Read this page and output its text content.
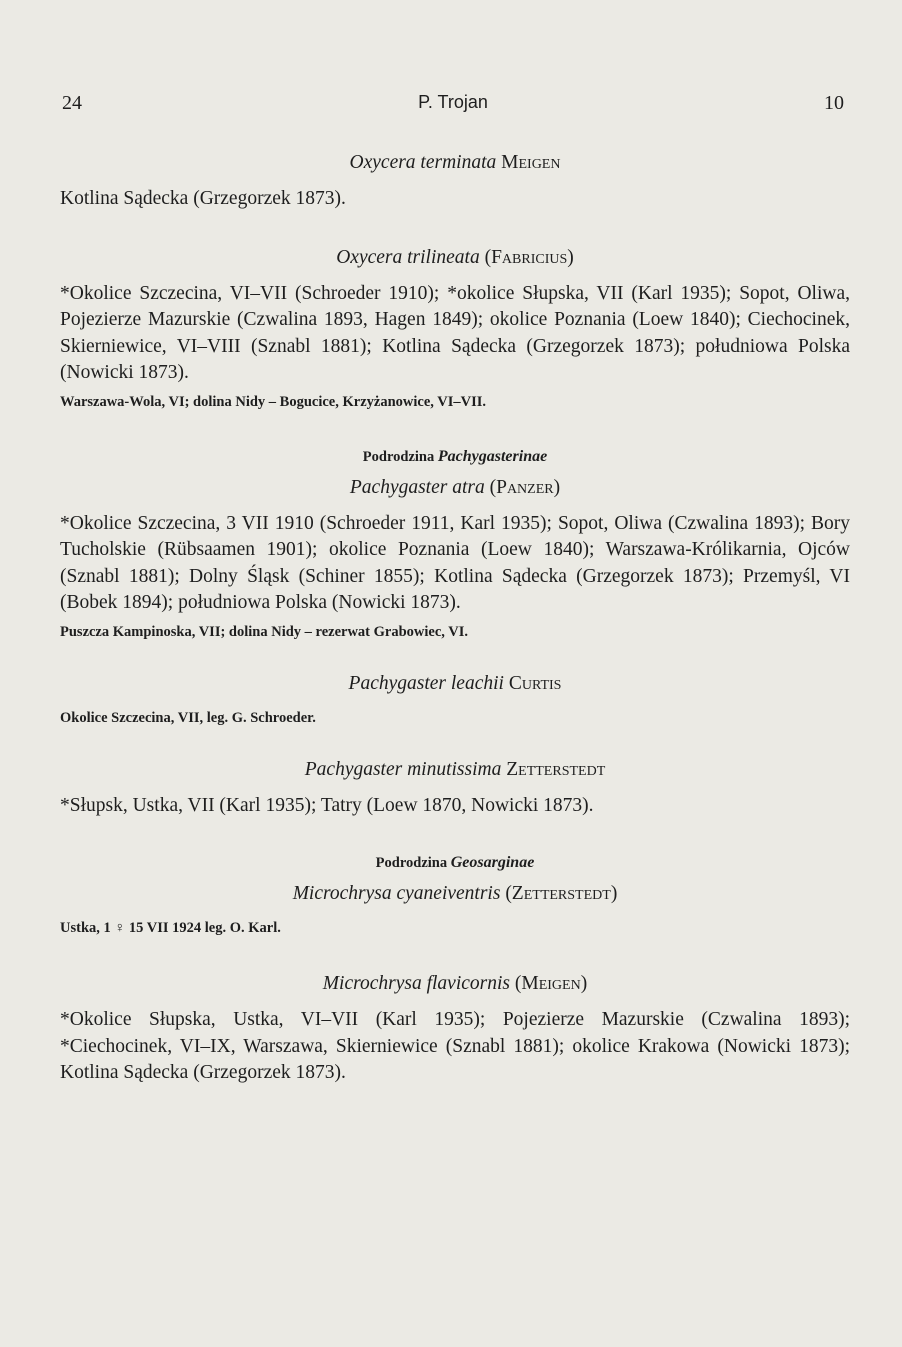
24	P. Trojan	10
Oxycera terminata Meigen

Kotlina Sądecka (Grzegorzek 1873).

Oxycera trilineata (Fabricius)

*Okolice Szczecina, VI–VII (Schroeder 1910); *okolice Słupska, VII (Karl 1935); Sopot, Oliwa, Pojezierze Mazurskie (Czwalina 1893, Hagen 1849); okolice Poznania (Loew 1840); Ciechocinek, Skierniewice, VI–VIII (Sznabl 1881); Kotlina Sądecka (Grzegorzek 1873); południowa Polska (Nowicki 1873).

Warszawa-Wola, VI; dolina Nidy – Bogucice, Krzyżanowice, VI–VII.

Podrodzina Pachygasterinae
Pachygaster atra (Panzer)

*Okolice Szczecina, 3 VII 1910 (Schroeder 1911, Karl 1935); Sopot, Oliwa (Czwalina 1893); Bory Tucholskie (Rübsaamen 1901); okolice Poznania (Loew 1840); Warszawa-Królikarnia, Ojców (Sznabl 1881); Dolny Śląsk (Schiner 1855); Kotlina Sądecka (Grzegorzek 1873); Przemyśl, VI (Bobek 1894); południowa Polska (Nowicki 1873).

Puszcza Kampinoska, VII; dolina Nidy – rezerwat Grabowiec, VI.

Pachygaster leachii Curtis

Okolice Szczecina, VII, leg. G. Schroeder.

Pachygaster minutissima Zetterstedt

*Słupsk, Ustka, VII (Karl 1935); Tatry (Loew 1870, Nowicki 1873).

Podrodzina Geosarginae
Microchrysa cyaneiventris (Zetterstedt)

Ustka, 1 ♀ 15 VII 1924 leg. O. Karl.

Microchrysa flavicornis (Meigen)

*Okolice Słupska, Ustka, VI–VII (Karl 1935); Pojezierze Mazurskie (Czwalina 1893); *Ciechocinek, VI–IX, Warszawa, Skierniewice (Sznabl 1881); okolice Krakowa (Nowicki 1873); Kotlina Sądecka (Grzegorzek 1873).
